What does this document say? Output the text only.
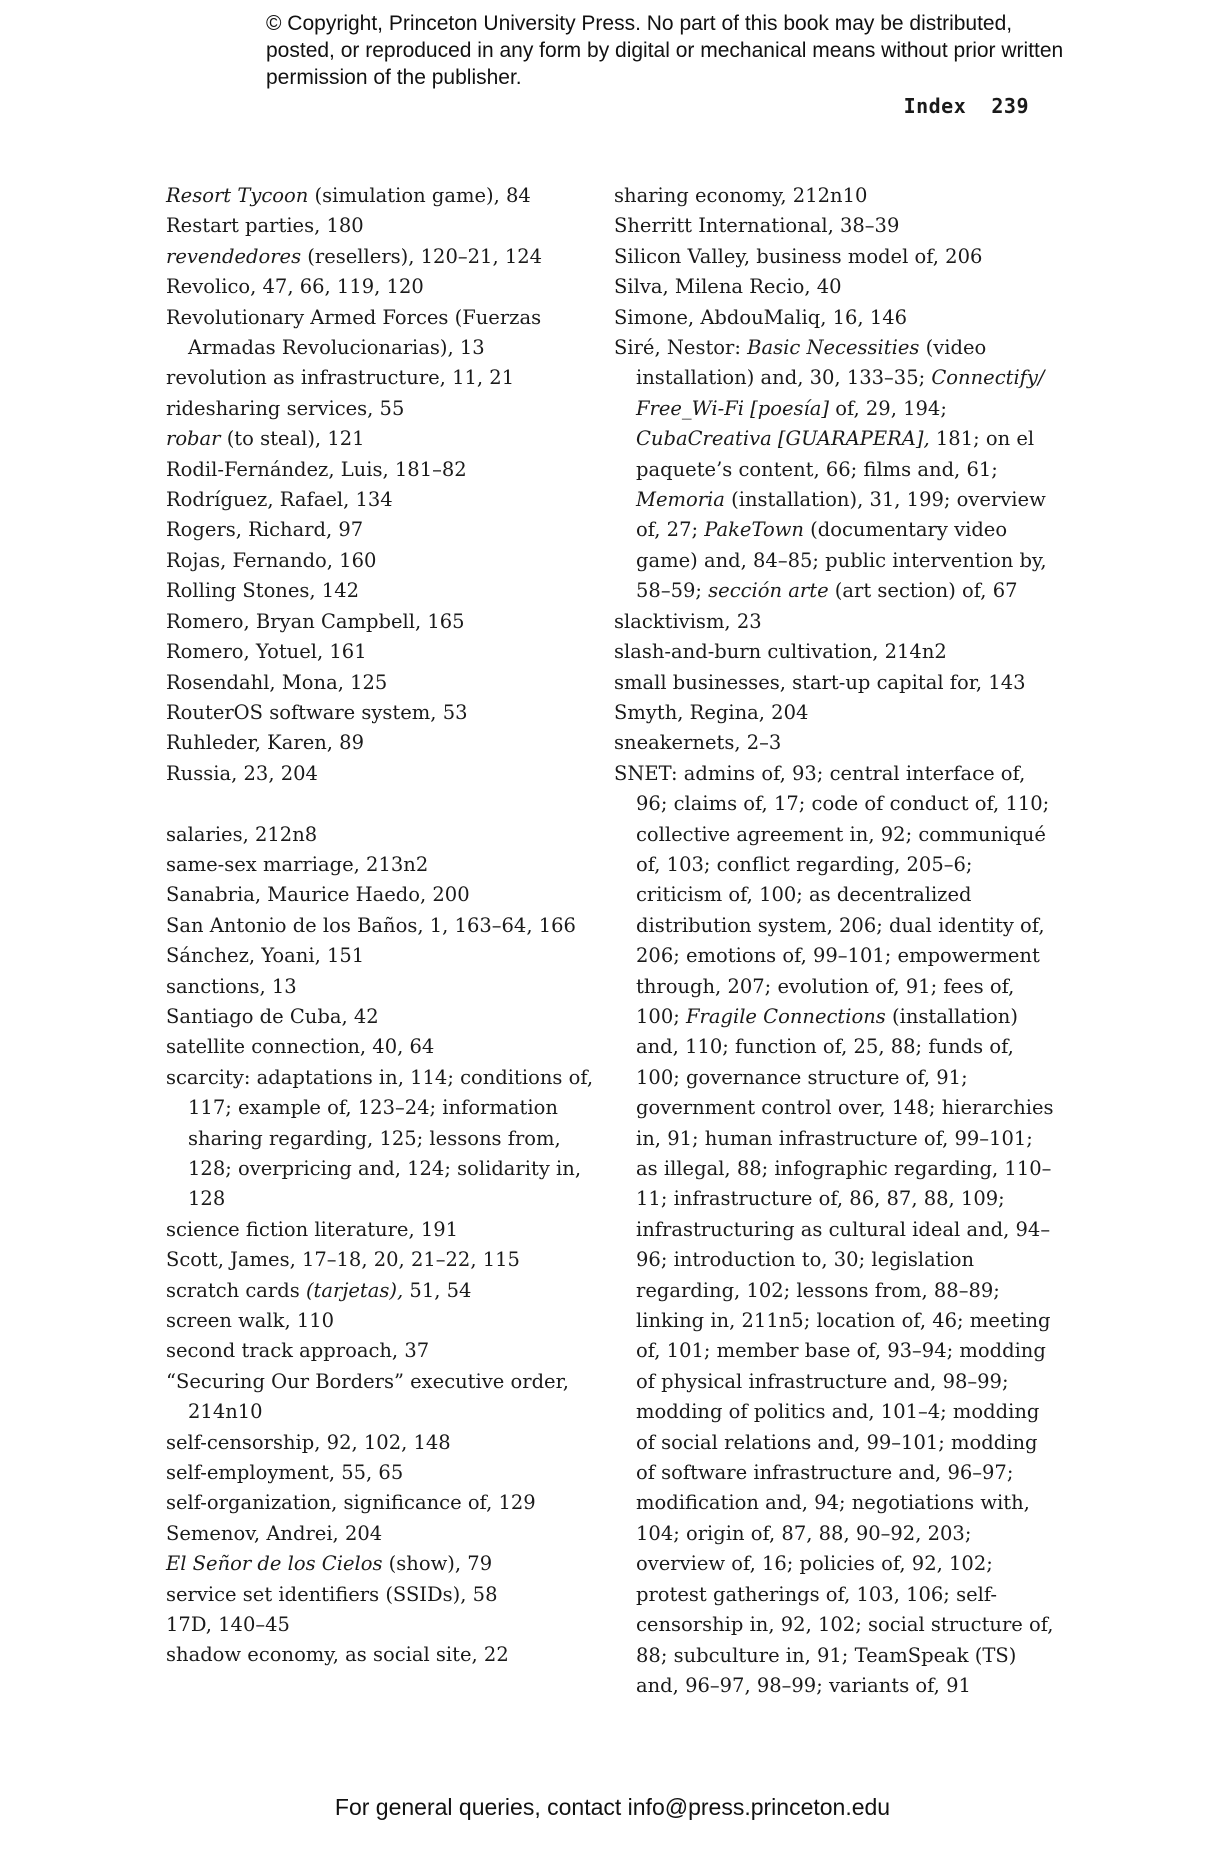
© Copyright, Princeton University Press. No part of this book may be distributed, posted, or reproduced in any form by digital or mechanical means without prior written permission of the publisher.
Index 239
Resort Tycoon (simulation game), 84
Restart parties, 180
revendedores (resellers), 120–21, 124
Revolico, 47, 66, 119, 120
Revolutionary Armed Forces (Fuerzas Armadas Revolucionarias), 13
revolution as infrastructure, 11, 21
ridesharing services, 55
robar (to steal), 121
Rodil-Fernández, Luis, 181–82
Rodríguez, Rafael, 134
Rogers, Richard, 97
Rojas, Fernando, 160
Rolling Stones, 142
Romero, Bryan Campbell, 165
Romero, Yotuel, 161
Rosendahl, Mona, 125
RouterOS software system, 53
Ruhleder, Karen, 89
Russia, 23, 204
salaries, 212n8
same-sex marriage, 213n2
Sanabria, Maurice Haedo, 200
San Antonio de los Baños, 1, 163–64, 166
Sánchez, Yoani, 151
sanctions, 13
Santiago de Cuba, 42
satellite connection, 40, 64
scarcity: adaptations in, 114; conditions of, 117; example of, 123–24; information sharing regarding, 125; lessons from, 128; overpricing and, 124; solidarity in, 128
science fiction literature, 191
Scott, James, 17–18, 20, 21–22, 115
scratch cards (tarjetas), 51, 54
screen walk, 110
second track approach, 37
“Securing Our Borders” executive order, 214n10
self-censorship, 92, 102, 148
self-employment, 55, 65
self-organization, significance of, 129
Semenov, Andrei, 204
El Señor de los Cielos (show), 79
service set identifiers (SSIDs), 58
17D, 140–45
shadow economy, as social site, 22
sharing economy, 212n10
Sherritt International, 38–39
Silicon Valley, business model of, 206
Silva, Milena Recio, 40
Simone, AbdouMaliq, 16, 146
Siré, Nestor: Basic Necessities (video installation) and, 30, 133–35; Connectify/ Free_Wi-Fi [poesía] of, 29, 194; CubaCreativa [GUARAPERA], 181; on el paquete’s content, 66; films and, 61; Memoria (installation), 31, 199; overview of, 27; PakeTown (documentary video game) and, 84–85; public intervention by, 58–59; sección arte (art section) of, 67
slacktivism, 23
slash-and-burn cultivation, 214n2
small businesses, start-up capital for, 143
Smyth, Regina, 204
sneakernets, 2–3
SNET: admins of, 93; central interface of, 96; claims of, 17; code of conduct of, 110; collective agreement in, 92; communiqué of, 103; conflict regarding, 205–6; criticism of, 100; as decentralized distribution system, 206; dual identity of, 206; emotions of, 99–101; empowerment through, 207; evolution of, 91; fees of, 100; Fragile Connections (installation) and, 110; function of, 25, 88; funds of, 100; governance structure of, 91; government control over, 148; hierarchies in, 91; human infrastructure of, 99–101; as illegal, 88; infographic regarding, 110–11; infrastructure of, 86, 87, 88, 109; infrastructuring as cultural ideal and, 94–96; introduction to, 30; legislation regarding, 102; lessons from, 88–89; linking in, 211n5; location of, 46; meeting of, 101; member base of, 93–94; modding of physical infrastructure and, 98–99; modding of politics and, 101–4; modding of social relations and, 99–101; modding of software infrastructure and, 96–97; modification and, 94; negotiations with, 104; origin of, 87, 88, 90–92, 203; overview of, 16; policies of, 92, 102; protest gatherings of, 103, 106; self-censorship in, 92, 102; social structure of, 88; subculture in, 91; TeamSpeak (TS) and, 96–97, 98–99; variants of, 91
For general queries, contact info@press.princeton.edu
